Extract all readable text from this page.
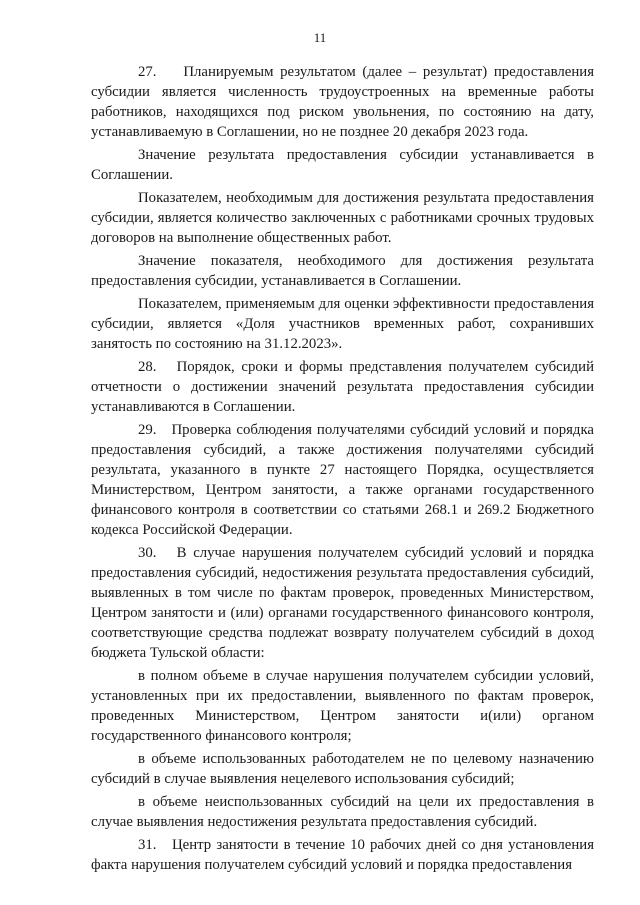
11

27.    Планируемым результатом (далее – результат) предоставления субсидии является численность трудоустроенных на временные работы работников, находящихся под риском увольнения, по состоянию на дату, устанавливаемую в Соглашении, но не позднее 20 декабря 2023 года.

Значение результата предоставления субсидии устанавливается в Соглашении.

Показателем, необходимым для достижения результата предоставления субсидии, является количество заключенных с работниками срочных трудовых договоров на выполнение общественных работ.

Значение показателя, необходимого для достижения результата предоставления субсидии, устанавливается в Соглашении.

Показателем, применяемым для оценки эффективности предоставления субсидии, является «Доля участников временных работ, сохранивших занятость по состоянию на 31.12.2023».

28.   Порядок, сроки и формы представления получателем субсидий отчетности о достижении значений результата предоставления субсидии устанавливаются в Соглашении.

29.   Проверка соблюдения получателями субсидий условий и порядка предоставления субсидий, а также достижения получателями субсидий результата, указанного в пункте 27 настоящего Порядка, осуществляется Министерством, Центром занятости, а также органами государственного финансового контроля в соответствии со статьями 268.1 и 269.2 Бюджетного кодекса Российской Федерации.

30.   В случае нарушения получателем субсидий условий и порядка предоставления субсидий, недостижения результата предоставления субсидий, выявленных в том числе по фактам проверок, проведенных Министерством, Центром занятости и (или) органами государственного финансового контроля, соответствующие средства подлежат возврату получателем субсидий в доход бюджета Тульской области:

в полном объеме в случае нарушения получателем субсидии условий, установленных при их предоставлении, выявленного по фактам проверок, проведенных Министерством, Центром занятости и(или) органом государственного финансового контроля;

в объеме использованных работодателем не по целевому назначению субсидий в случае выявления нецелевого использования субсидий;

в объеме неиспользованных субсидий на цели их предоставления в случае выявления недостижения результата предоставления субсидий.

31.   Центр занятости в течение 10 рабочих дней со дня установления факта нарушения получателем субсидий условий и порядка предоставления
